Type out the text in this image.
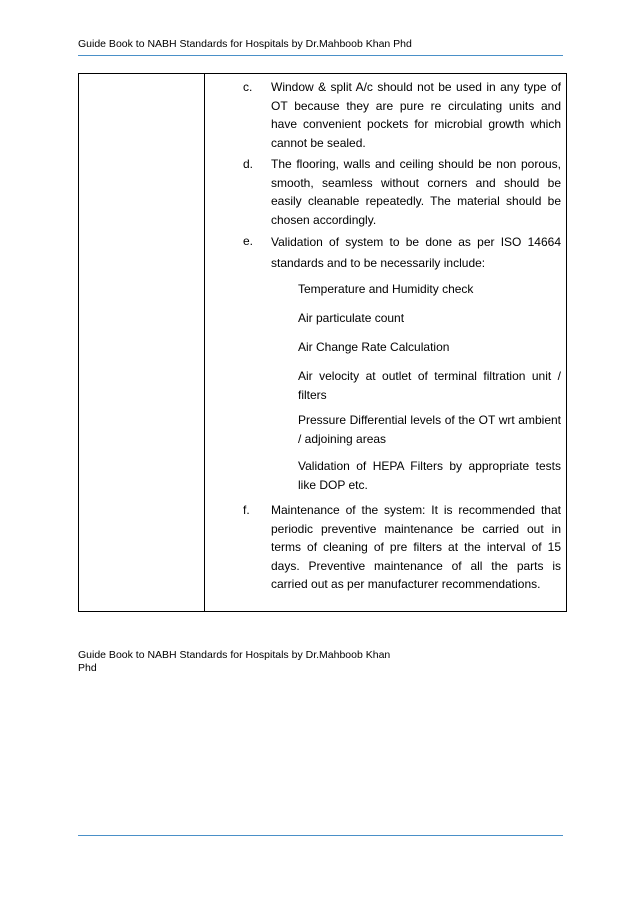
Guide Book to NABH Standards for Hospitals by Dr.Mahboob Khan Phd
c. Window & split A/c should not be used in any type of OT because they are pure re circulating units and have convenient pockets for microbial growth which cannot be sealed.
d. The flooring, walls and ceiling should be non porous, smooth, seamless without corners and should be easily cleanable repeatedly. The material should be chosen accordingly.
e. Validation of system to be done as per ISO 14664 standards and to be necessarily include:
Temperature and Humidity check
Air particulate count
Air Change Rate Calculation
Air velocity at outlet of terminal filtration unit / filters
Pressure Differential levels of the OT wrt ambient / adjoining areas
Validation of HEPA Filters by appropriate tests like DOP etc.
f. Maintenance of the system: It is recommended that periodic preventive maintenance be carried out in terms of cleaning of pre filters at the interval of 15 days. Preventive maintenance of all the parts is carried out as per manufacturer recommendations.
Guide Book to NABH Standards for Hospitals by Dr.Mahboob Khan Phd
